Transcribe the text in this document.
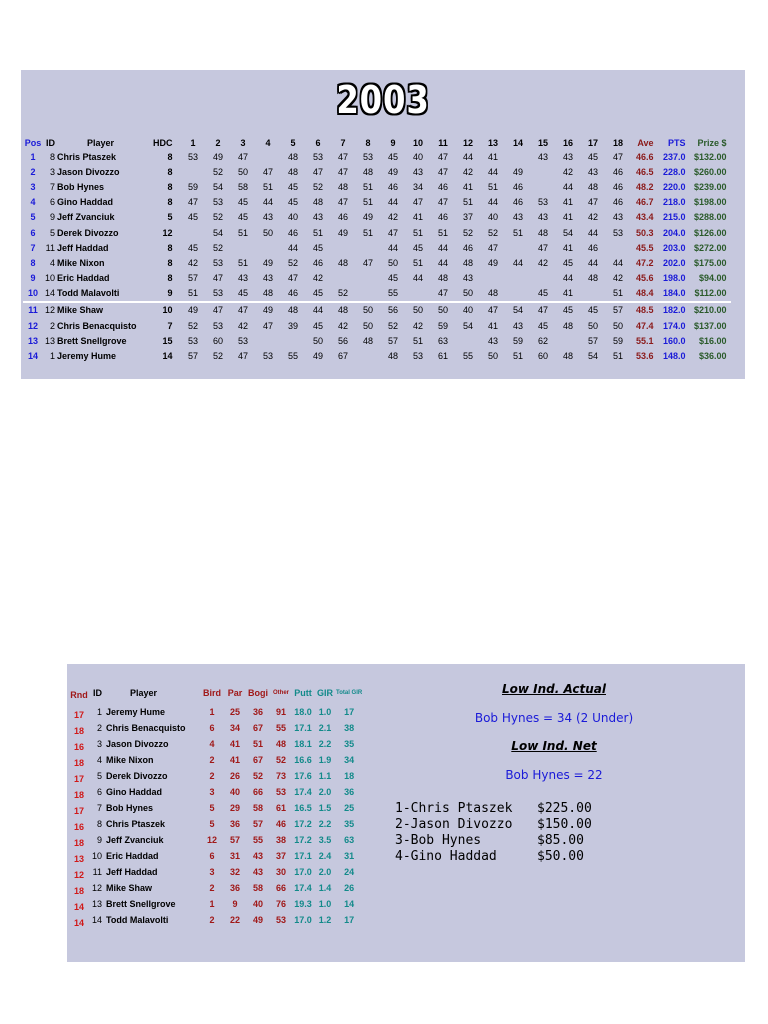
2003
Pos	ID	Player	HDC	1	2	3	4	5	6	7	8	9	10	11	12	13	14	15	16	17	18	Ave	PTS	Prize $
1	8	Chris Ptaszek	8	53	49	47		48	53	47	53	45	40	47	44	41		43	43	45	47	46.6	237.0	$132.00
2	3	Jason Divozzo	8		52	50	47	48	47	47	48	49	43	47	42	44	49		42	43	46	46.5	228.0	$260.00
3	7	Bob Hynes	8	59	54	58	51	45	52	48	51	46	34	46	41	51	46		44	48	46	48.2	220.0	$239.00
4	6	Gino Haddad	8	47	53	45	44	45	48	47	51	44	47	47	51	44	46	53	41	47	46	46.7	218.0	$198.00
5	9	Jeff Zvanciuk	5	45	52	45	43	40	43	46	49	42	41	46	37	40	43	43	41	42	43	43.4	215.0	$288.00
6	5	Derek Divozzo	12		54	51	50	46	51	49	51	47	51	51	52	52	51	48	54	44	53	50.3	204.0	$126.00
7	11	Jeff Haddad	8	45	52			44	45			44	45	44	46	47		47	41	46		45.5	203.0	$272.00
8	4	Mike Nixon	8	42	53	51	49	52	46	48	47	50	51	44	48	49	44	42	45	44	44	47.2	202.0	$175.00
9	10	Eric Haddad	8	57	47	43	43	47	42			45	44	48	43				44	48	42	45.6	198.0	$94.00
10	14	Todd Malavolti	9	51	53	45	48	46	45	52		55		47	50	48		45	41		51	48.4	184.0	$112.00
11	12	Mike Shaw	10	49	47	47	49	48	44	48	50	56	50	50	40	47	54	47	45	45	57	48.5	182.0	$210.00
12	2	Chris Benacquisto	7	52	53	42	47	39	45	42	50	52	42	59	54	41	43	45	48	50	50	47.4	174.0	$137.00
13	13	Brett Snellgrove	15	53	60	53			50	56	48	57	51	63		43	59	62		57	59	55.1	160.0	$16.00
14	1	Jeremy Hume	14	57	52	47	53	55	49	67		48	53	61	55	50	51	60	48	54	51	53.6	148.0	$36.00
Rnd	ID	Player	Bird	Par	Bogi	Other	Putt	GIR	Total GIR
17	1	Jeremy Hume	1	25	36	91	18.0	1.0	17
18	2	Chris Benacquisto	6	34	67	55	17.1	2.1	38
16	3	Jason Divozzo	4	41	51	48	18.1	2.2	35
18	4	Mike Nixon	2	41	67	52	16.6	1.9	34
17	5	Derek Divozzo	2	26	52	73	17.6	1.1	18
18	6	Gino Haddad	3	40	66	53	17.4	2.0	36
17	7	Bob Hynes	5	29	58	61	16.5	1.5	25
16	8	Chris Ptaszek	5	36	57	46	17.2	2.2	35
18	9	Jeff Zvanciuk	12	57	55	38	17.2	3.5	63
13	10	Eric Haddad	6	31	43	37	17.1	2.4	31
12	11	Jeff Haddad	3	32	43	30	17.0	2.0	24
18	12	Mike Shaw	2	36	58	66	17.4	1.4	26
14	13	Brett Snellgrove	1	9	40	76	19.3	1.0	14
14	14	Todd Malavolti	2	22	49	53	17.0	1.2	17
Low Ind. Actual
Bob Hynes = 34 (2 Under)
Low Ind. Net
Bob Hynes = 22
1-Chris Ptaszek	$225.00
2-Jason Divozzo	$150.00
3-Bob Hynes	$85.00
4-Gino Haddad	$50.00
